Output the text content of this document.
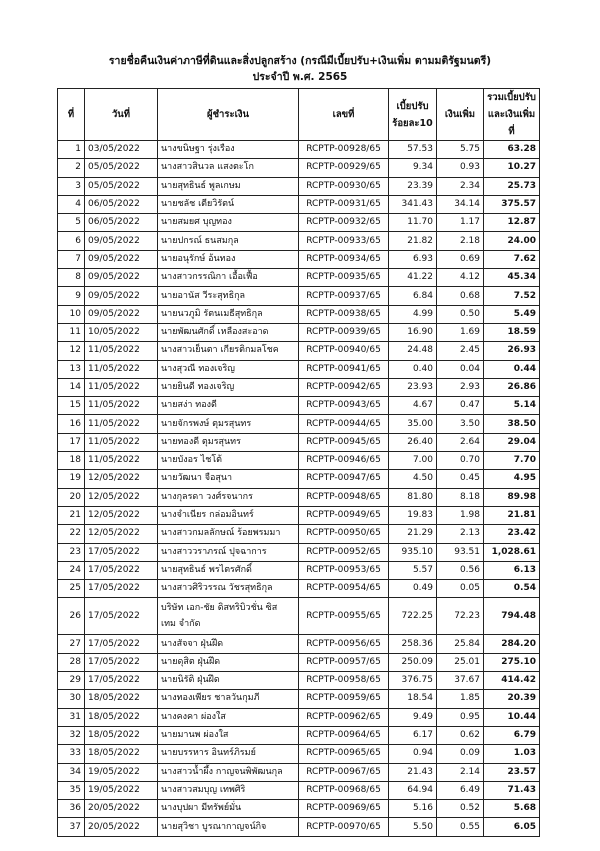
รายชื่อคืนเงินค่าภาษีที่ดินและสิ่งปลูกสร้าง (กรณีมีเบี้ยปรับ+เงินเพิ่ม ตามมติรัฐมนตรี)
ประจำปี พ.ศ. 2565
ที่	วันที่	ผู้ชำระเงิน	เลขที่	เบี้ยปรับ ร้อยละ10	เงินเพิ่ม	รวมเบี้ยปรับ และเงินเพิ่มที่
1	03/05/2022	นางขนิษฐา รุ่งเรือง	RCPTP-00928/65	57.53	5.75	63.28
2	05/05/2022	นางสาวสินวล แสงตะโก	RCPTP-00929/65	9.34	0.93	10.27
3	05/05/2022	นายสุทธินธ์ พูลเกษม	RCPTP-00930/65	23.39	2.34	25.73
4	06/05/2022	นายชลัช เตียวิรัตน์	RCPTP-00931/65	341.43	34.14	375.57
5	06/05/2022	นายสมยศ บุญทอง	RCPTP-00932/65	11.70	1.17	12.87
6	09/05/2022	นายปกรณ์ ธนสมกุล	RCPTP-00933/65	21.82	2.18	24.00
7	09/05/2022	นายอนุรักษ์ อ้นทอง	RCPTP-00934/65	6.93	0.69	7.62
8	09/05/2022	นางสาวกรรณิกา เอื้อเฟื้อ	RCPTP-00935/65	41.22	4.12	45.34
9	09/05/2022	นายอานัส วีระสุทธิกุล	RCPTP-00937/65	6.84	0.68	7.52
10	09/05/2022	นายนวภูมิ รัตนเมธีสุทธิกุล	RCPTP-00938/65	4.99	0.50	5.49
11	10/05/2022	นายพัฒนศักดิ์ เหลืองสะอาด	RCPTP-00939/65	16.90	1.69	18.59
12	11/05/2022	นางสาวเย็นตา เกียรติกมลโชค	RCPTP-00940/65	24.48	2.45	26.93
13	11/05/2022	นางสุวณี ทองเจริญ	RCPTP-00941/65	0.40	0.04	0.44
14	11/05/2022	นายยินดี ทองเจริญ	RCPTP-00942/65	23.93	2.93	26.86
15	11/05/2022	นายสง่า ทองดี	RCPTP-00943/65	4.67	0.47	5.14
16	11/05/2022	นายจักรพงษ์ ตุมรสุนทร	RCPTP-00944/65	35.00	3.50	38.50
17	11/05/2022	นายทองดี ตุมรสุนทร	RCPTP-00945/65	26.40	2.64	29.04
18	11/05/2022	นายบังอร ไชโต้	RCPTP-00946/65	7.00	0.70	7.70
19	12/05/2022	นายวัฒนา จือสุนา	RCPTP-00947/65	4.50	0.45	4.95
20	12/05/2022	นางกุลรดา วงศ์รจนากร	RCPTP-00948/65	81.80	8.18	89.98
21	12/05/2022	นางจำเนียร กล่อมอินทร์	RCPTP-00949/65	19.83	1.98	21.81
22	12/05/2022	นางสาวกมลลักษณ์ ร้อยพรมมา	RCPTP-00950/65	21.29	2.13	23.42
23	17/05/2022	นางสาววราภรณ์ ปุจฉาการ	RCPTP-00952/65	935.10	93.51	1,028.61
24	17/05/2022	นายสุทธินธ์ พรไตรศักดิ์	RCPTP-00953/65	5.57	0.56	6.13
25	17/05/2022	นางสาวศิริวรรณ วัชรสุทธิกุล	RCPTP-00954/65	0.49	0.05	0.54
26	17/05/2022	บริษัท เอก-ชัย ดิสทริบิวชั่น ซิส เทม จำกัด	RCPTP-00955/65	722.25	72.23	794.48
27	17/05/2022	นางสัจจา ฝุ่นฝึด	RCPTP-00956/65	258.36	25.84	284.20
28	17/05/2022	นายดุสิต ฝุ่นฝึด	RCPTP-00957/65	250.09	25.01	275.10
29	17/05/2022	นายนิรัติ ฝุ่นฝึด	RCPTP-00958/65	376.75	37.67	414.42
30	18/05/2022	นางทองเพียร ชาลวันกุมภี	RCPTP-00959/65	18.54	1.85	20.39
31	18/05/2022	นางคงคา ผ่องใส	RCPTP-00962/65	9.49	0.95	10.44
32	18/05/2022	นายมานพ ผ่องใส	RCPTP-00964/65	6.17	0.62	6.79
33	18/05/2022	นายบรรหาร อินทร์ภิรมย์	RCPTP-00965/65	0.94	0.09	1.03
34	19/05/2022	นางสาวน้ำผึ้ง กาญจนพิพัฒนกุล	RCPTP-00967/65	21.43	2.14	23.57
35	19/05/2022	นางสาวสมบุญ เทพศิริ	RCPTP-00968/65	64.94	6.49	71.43
36	20/05/2022	นางบุปผา มีทรัพย์มั่น	RCPTP-00969/65	5.16	0.52	5.68
37	20/05/2022	นายสุวิชา บูรณากาญจน์กิจ	RCPTP-00970/65	5.50	0.55	6.05
